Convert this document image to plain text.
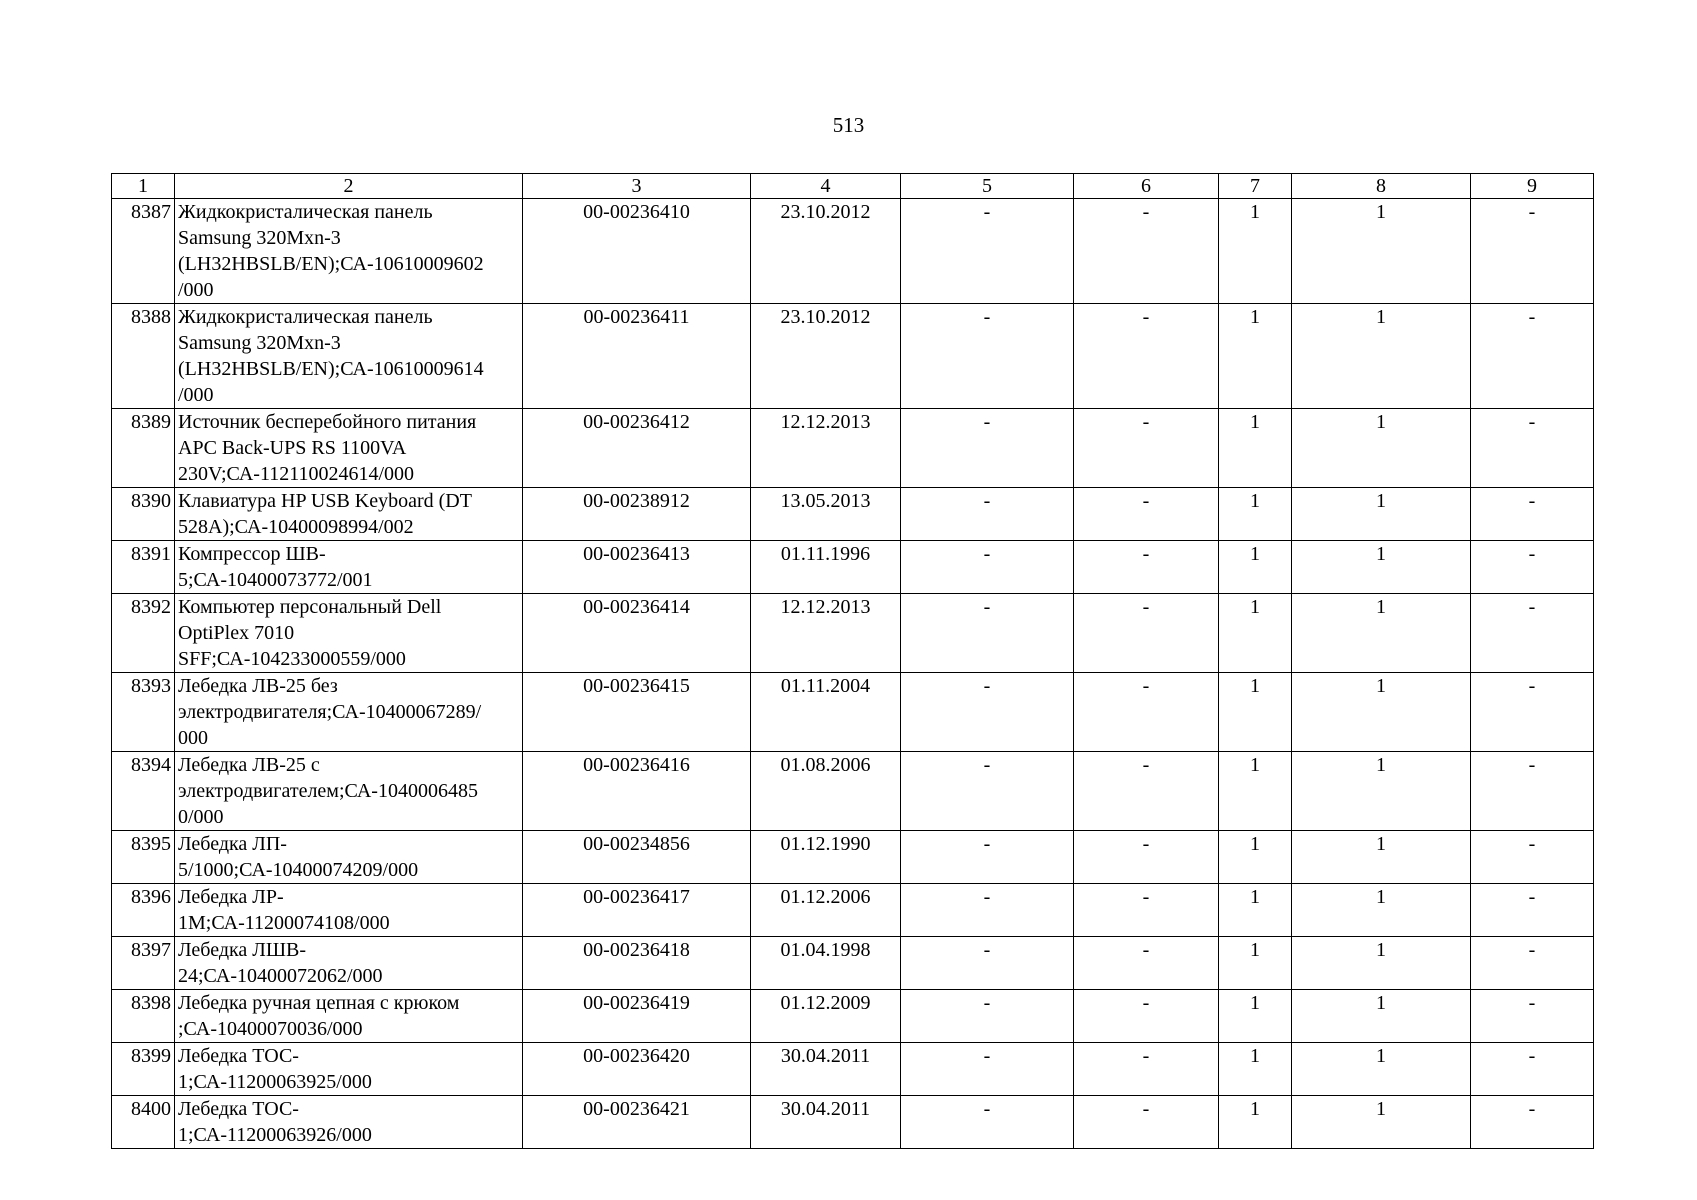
513
1	2	3	4	5	6	7	8	9
8387	Жидкокристалическая панель
Samsung 320Mxn-3
(LH32HBSLB/EN);СА-10610009602
/000	00-00236410	23.10.2012	-	-	1	1	-
8388	Жидкокристалическая панель
Samsung 320Mxn-3
(LH32HBSLB/EN);СА-10610009614
/000	00-00236411	23.10.2012	-	-	1	1	-
8389	Источник бесперебойного питания
APC Back-UPS RS 1100VA
230V;СА-112110024614/000	00-00236412	12.12.2013	-	-	1	1	-
8390	Клавиатура HP USB Keyboard (DT
528A);СА-10400098994/002	00-00238912	13.05.2013	-	-	1	1	-
8391	Компрессор ШВ-
5;СА-10400073772/001	00-00236413	01.11.1996	-	-	1	1	-
8392	Компьютер персональный Dell
OptiPlex 7010
SFF;СА-104233000559/000	00-00236414	12.12.2013	-	-	1	1	-
8393	Лебедка ЛВ-25 без
электродвигателя;СА-10400067289/
000	00-00236415	01.11.2004	-	-	1	1	-
8394	Лебедка ЛВ-25 с
электродвигателем;СА-1040006485
0/000	00-00236416	01.08.2006	-	-	1	1	-
8395	Лебедка ЛП-
5/1000;СА-10400074209/000	00-00234856	01.12.1990	-	-	1	1	-
8396	Лебедка ЛР-
1М;СА-11200074108/000	00-00236417	01.12.2006	-	-	1	1	-
8397	Лебедка ЛШВ-
24;СА-10400072062/000	00-00236418	01.04.1998	-	-	1	1	-
8398	Лебедка ручная цепная с крюком
;СА-10400070036/000	00-00236419	01.12.2009	-	-	1	1	-
8399	Лебедка ТОС-
1;СА-11200063925/000	00-00236420	30.04.2011	-	-	1	1	-
8400	Лебедка ТОС-
1;СА-11200063926/000	00-00236421	30.04.2011	-	-	1	1	-
